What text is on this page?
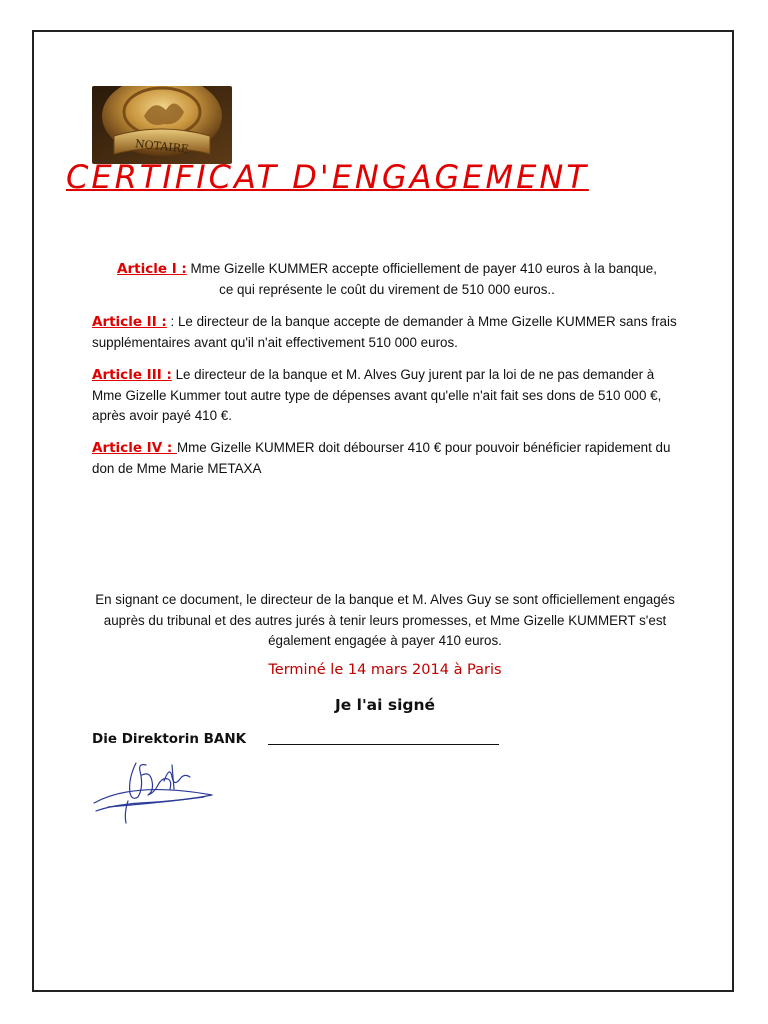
NOTAIRE
CERTIFICAT D'ENGAGEMENT
Article I : Mme Gizelle KUMMER accepte officiellement de payer 410 euros à la banque,
ce qui représente le coût du virement de 510 000 euros..
Article II : : Le directeur de la banque accepte de demander à Mme Gizelle KUMMER sans frais supplémentaires avant qu'il n'ait effectivement 510 000 euros.
Article III : Le directeur de la banque et M. Alves Guy jurent par la loi de ne pas demander à Mme Gizelle Kummer tout autre type de dépenses avant qu'elle n'ait fait ses dons de 510 000 €, après avoir payé 410 €.
Article IV : Mme Gizelle KUMMER doit débourser 410 € pour pouvoir bénéficier rapidement du don de Mme Marie METAXA
En signant ce document, le directeur de la banque et M. Alves Guy se sont officiellement engagés auprès du tribunal et des autres jurés à tenir leurs promesses, et Mme Gizelle KUMMERT s'est également engagée à payer 410 euros.
Terminé le 14 mars 2014 à Paris
Je l'ai signé
Die Direktorin BANK
